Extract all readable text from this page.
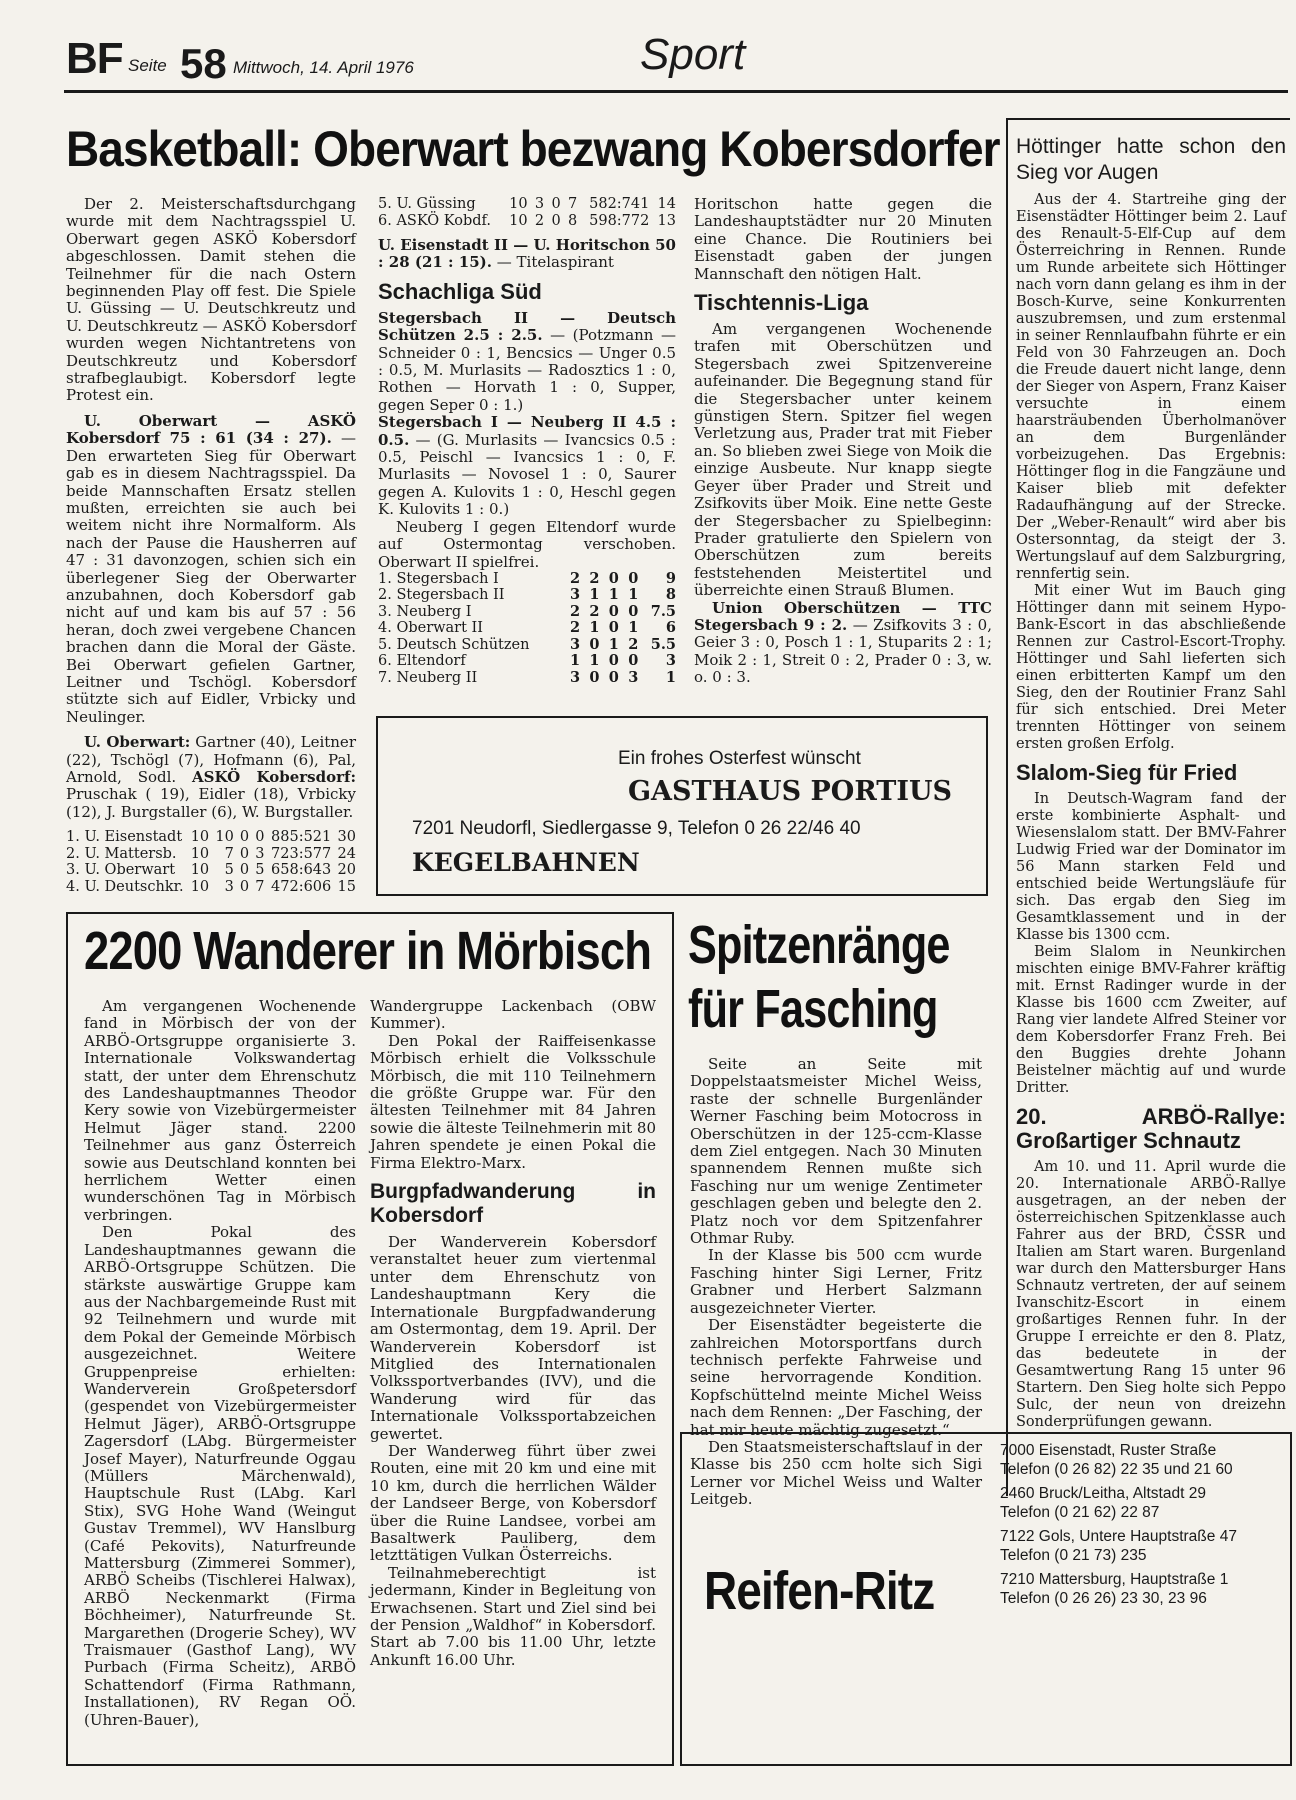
BF Seite 58 Mittwoch, 14. April 1976	Sport
Basketball: Oberwart bezwang Kobersdorfer

Der 2. Meisterschaftsdurchgang wurde mit dem Nachtragsspiel U. Oberwart gegen ASKÖ Kobersdorf abgeschlossen. Damit stehen die Teilnehmer für die nach Ostern beginnenden Play off fest. Die Spiele U. Güssing — U. Deutschkreutz und U. Deutschkreutz — ASKÖ Kobersdorf wurden wegen Nichtantretens von Deutschkreutz und Kobersdorf strafbeglaubigt. Kobersdorf legte Protest ein.

U. Oberwart — ASKÖ Kobersdorf 75 : 61 (34 : 27). — Den erwarteten Sieg für Oberwart gab es in diesem Nachtragsspiel. Da beide Mannschaften Ersatz stellen mußten, erreichten sie auch bei weitem nicht ihre Normalform. Als nach der Pause die Hausherren auf 47 : 31 davonzogen, schien sich ein überlegener Sieg der Oberwarter anzubahnen, doch Kobersdorf gab nicht auf und kam bis auf 57 : 56 heran, doch zwei vergebene Chancen brachen dann die Moral der Gäste. Bei Oberwart gefielen Gartner, Leitner und Tschögl. Kobersdorf stützte sich auf Eidler, Vrbicky und Neulinger.

U. Oberwart: Gartner (40), Leitner (22), Tschögl (7), Hofmann (6), Pal, Arnold, Sodl. ASKÖ Kobersdorf: Pruschak ( 19), Eidler (18), Vrbicky (12), J. Burgstaller (6), W. Burgstaller.

1. U. Eisenstadt	10	10	0	0	885:521	30
2. U. Mattersb.	10	7	0	3	723:577	24
3. U. Oberwart	10	5	0	5	658:643	20
4. U. Deutschkr.	10	3	0	7	472:606	15
5. U. Güssing	10	3	0	7	582:741	14
6. ASKÖ Kobdf.	10	2	0	8	598:772	13

U. Eisenstadt II — U. Horitschon 50 : 28 (21 : 15). — Titelaspirant

Schachliga Süd

Stegersbach II — Deutsch Schützen 2.5 : 2.5. — (Potzmann — Schneider 0 : 1, Bencsics — Unger 0.5 : 0.5, M. Murlasits — Radosztics 1 : 0, Rothen — Horvath 1 : 0, Supper, gegen Seper 0 : 1.)

Stegersbach I — Neuberg II 4.5 : 0.5. — (G. Murlasits — Ivancsics 0.5 : 0.5, Peischl — Ivancsics 1 : 0, F. Murlasits — Novosel 1 : 0, Saurer gegen A. Kulovits 1 : 0, Heschl gegen K. Kulovits 1 : 0.)

Neuberg I gegen Eltendorf wurde auf Ostermontag verschoben. Oberwart II spielfrei.

1. Stegersbach I	2	2	0	0	9
2. Stegersbach II	3	1	1	1	8
3. Neuberg I	2	2	0	0	7.5
4. Oberwart II	2	1	0	1	6
5. Deutsch Schützen	3	0	1	2	5.5
6. Eltendorf	1	1	0	0	3
7. Neuberg II	3	0	0	3	1

Horitschon hatte gegen die Landeshauptstädter nur 20 Minuten eine Chance. Die Routiniers bei Eisenstadt gaben der jungen Mannschaft den nötigen Halt.

Tischtennis-Liga

Am vergangenen Wochenende trafen mit Oberschützen und Stegersbach zwei Spitzenvereine aufeinander. Die Begegnung stand für die Stegersbacher unter keinem günstigen Stern. Spitzer fiel wegen Verletzung aus, Prader trat mit Fieber an. So blieben zwei Siege von Moik die einzige Ausbeute. Nur knapp siegte Geyer über Prader und Streit und Zsifkovits über Moik. Eine nette Geste der Stegersbacher zu Spielbeginn: Prader gratulierte den Spielern von Oberschützen zum bereits feststehenden Meistertitel und überreichte einen Strauß Blumen.

Union Oberschützen — TTC Stegersbach 9 : 2. — Zsifkovits 3 : 0, Geier 3 : 0, Posch 1 : 1, Stuparits 2 : 1; Moik 2 : 1, Streit 0 : 2, Prader 0 : 3, w. o. 0 : 3.

Ein frohes Osterfest wünscht
GASTHAUS PORTIUS
7201 Neudorfl, Siedlergasse 9, Telefon 0 26 22/46 40
KEGELBAHNEN
Höttinger hatte schon den Sieg vor Augen

Aus der 4. Startreihe ging der Eisenstädter Höttinger beim 2. Lauf des Renault-5-Elf-Cup auf dem Österreichring in Rennen. Runde um Runde arbeitete sich Höttinger nach vorn dann gelang es ihm in der Bosch-Kurve, seine Konkurrenten auszubremsen, und zum erstenmal in seiner Rennlaufbahn führte er ein Feld von 30 Fahrzeugen an. Doch die Freude dauert nicht lange, denn der Sieger von Aspern, Franz Kaiser versuchte in einem haarsträubenden Überholmanöver an dem Burgenländer vorbeizugehen. Das Ergebnis: Höttinger flog in die Fangzäune und Kaiser blieb mit defekter Radaufhängung auf der Strecke. Der „Weber-Renault“ wird aber bis Ostersonntag, da steigt der 3. Wertungslauf auf dem Salzburgring, rennfertig sein.

Mit einer Wut im Bauch ging Höttinger dann mit seinem Hypo-Bank-Escort in das abschließende Rennen zur Castrol-Escort-Trophy. Höttinger und Sahl lieferten sich einen erbitterten Kampf um den Sieg, den der Routinier Franz Sahl für sich entschied. Drei Meter trennten Höttinger von seinem ersten großen Erfolg.

Slalom-Sieg für Fried

In Deutsch-Wagram fand der erste kombinierte Asphalt- und Wiesenslalom statt. Der BMV-Fahrer Ludwig Fried war der Dominator im 56 Mann starken Feld und entschied beide Wertungsläufe für sich. Das ergab den Sieg im Gesamtklassement und in der Klasse bis 1300 ccm.

Beim Slalom in Neunkirchen mischten einige BMV-Fahrer kräftig mit. Ernst Radinger wurde in der Klasse bis 1600 ccm Zweiter, auf Rang vier landete Alfred Steiner vor dem Kobersdorfer Franz Freh. Bei den Buggies drehte Johann Beistelner mächtig auf und wurde Dritter.

20. ARBÖ-Rallye: Großartiger Schnautz

Am 10. und 11. April wurde die 20. Internationale ARBÖ-Rallye ausgetragen, an der neben der österreichischen Spitzenklasse auch Fahrer aus der BRD, ČSSR und Italien am Start waren. Burgenland war durch den Mattersburger Hans Schnautz vertreten, der auf seinem Ivanschitz-Escort in einem großartiges Rennen fuhr. In der Gruppe I erreichte er den 8. Platz, das bedeutete in der Gesamtwertung Rang 15 unter 96 Startern. Den Sieg holte sich Peppo Sulc, der neun von dreizehn Sonderprüfungen gewann.

2200 Wanderer in Mörbisch

Am vergangenen Wochenende fand in Mörbisch der von der ARBÖ-Ortsgruppe organisierte 3. Internationale Volkswandertag statt, der unter dem Ehrenschutz des Landeshauptmannes Theodor Kery sowie von Vizebürgermeister Helmut Jäger stand. 2200 Teilnehmer aus ganz Österreich sowie aus Deutschland konnten bei herrlichem Wetter einen wunderschönen Tag in Mörbisch verbringen.

Den Pokal des Landeshauptmannes gewann die ARBÖ-Ortsgruppe Schützen. Die stärkste auswärtige Gruppe kam aus der Nachbargemeinde Rust mit 92 Teilnehmern und wurde mit dem Pokal der Gemeinde Mörbisch ausgezeichnet. Weitere Gruppenpreise erhielten: Wanderverein Großpetersdorf (gespendet von Vizebürgermeister Helmut Jäger), ARBÖ-Ortsgruppe Zagersdorf (LAbg. Bürgermeister Josef Mayer), Naturfreunde Oggau (Müllers Märchenwald), Hauptschule Rust (LAbg. Karl Stix), SVG Hohe Wand (Weingut Gustav Tremmel), WV Hanslburg (Café Pekovits), Naturfreunde Mattersburg (Zimmerei Sommer), ARBÖ Scheibs (Tischlerei Halwax), ARBÖ Neckenmarkt (Firma Böchheimer), Naturfreunde St. Margarethen (Drogerie Schey), WV Traismauer (Gasthof Lang), WV Purbach (Firma Scheitz), ARBÖ Schattendorf (Firma Rathmann, Installationen), RV Regan OÖ. (Uhren-Bauer),

Wandergruppe Lackenbach (OBW Kummer).

Den Pokal der Raiffeisenkasse Mörbisch erhielt die Volksschule Mörbisch, die mit 110 Teilnehmern die größte Gruppe war. Für den ältesten Teilnehmer mit 84 Jahren sowie die älteste Teilnehmerin mit 80 Jahren spendete je einen Pokal die Firma Elektro-Marx.

Burgpfadwanderung in Kobersdorf

Der Wanderverein Kobersdorf veranstaltet heuer zum viertenmal unter dem Ehrenschutz von Landeshauptmann Kery die Internationale Burgpfadwanderung am Ostermontag, dem 19. April. Der Wanderverein Kobersdorf ist Mitglied des Internationalen Volkssportverbandes (IVV), und die Wanderung wird für das Internationale Volkssportabzeichen gewertet.

Der Wanderweg führt über zwei Routen, eine mit 20 km und eine mit 10 km, durch die herrlichen Wälder der Landseer Berge, von Kobersdorf über die Ruine Landsee, vorbei am Basaltwerk Pauliberg, dem letzttätigen Vulkan Österreichs.

Teilnahmeberechtigt ist jedermann, Kinder in Begleitung von Erwachsenen. Start und Ziel sind bei der Pension „Waldhof“ in Kobersdorf. Start ab 7.00 bis 11.00 Uhr, letzte Ankunft 16.00 Uhr.

Spitzenränge
für Fasching

Seite an Seite mit Doppelstaatsmeister Michel Weiss, raste der schnelle Burgenländer Werner Fasching beim Motocross in Oberschützen in der 125-ccm-Klasse dem Ziel entgegen. Nach 30 Minuten spannendem Rennen mußte sich Fasching nur um wenige Zentimeter geschlagen geben und belegte den 2. Platz noch vor dem Spitzenfahrer Othmar Ruby.

In der Klasse bis 500 ccm wurde Fasching hinter Sigi Lerner, Fritz Grabner und Herbert Salzmann ausgezeichneter Vierter.

Der Eisenstädter begeisterte die zahlreichen Motorsportfans durch technisch perfekte Fahrweise und seine hervorragende Kondition. Kopfschüttelnd meinte Michel Weiss nach dem Rennen: „Der Fasching, der hat mir heute mächtig zugesetzt.“

Den Staatsmeisterschaftslauf in der Klasse bis 250 ccm holte sich Sigi Lerner vor Michel Weiss und Walter Leitgeb.

Reifen-Ritz
7000 Eisenstadt, Ruster Straße
Telefon (0 26 82) 22 35 und 21 60
2460 Bruck/Leitha, Altstadt 29
Telefon (0 21 62) 22 87
7122 Gols, Untere Hauptstraße 47
Telefon (0 21 73) 235
7210 Mattersburg, Hauptstraße 1
Telefon (0 26 26) 23 30, 23 96
